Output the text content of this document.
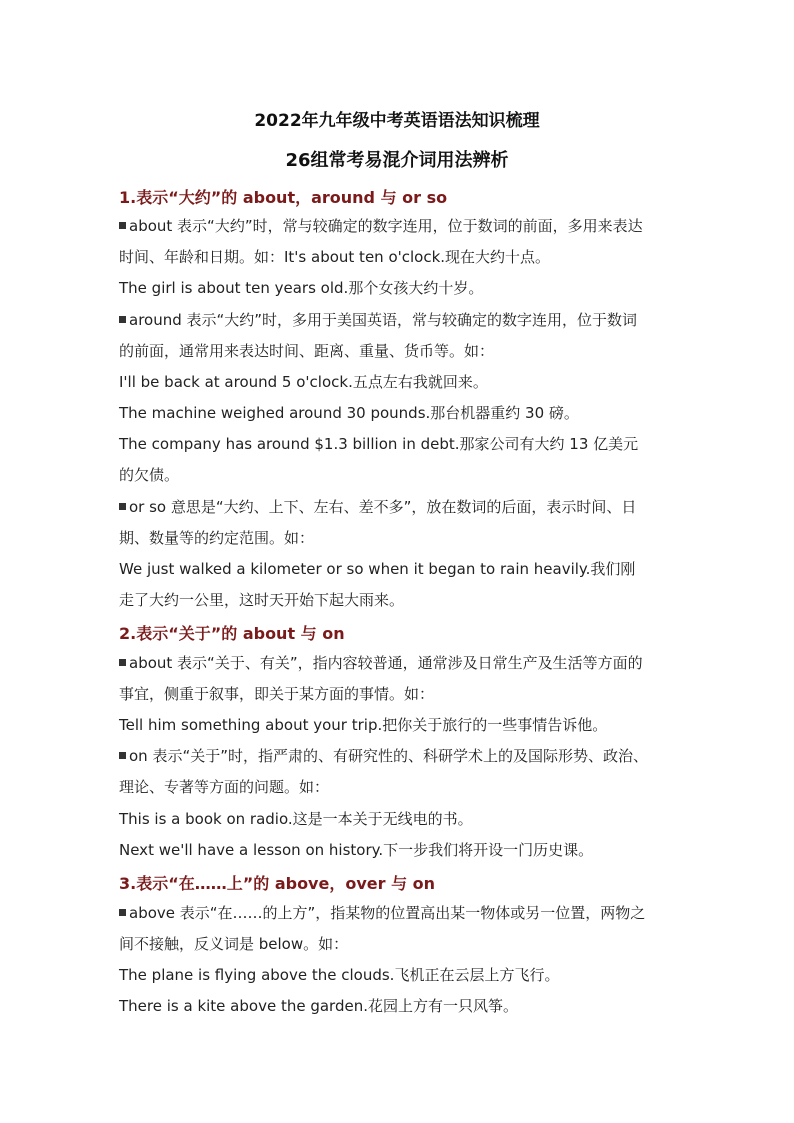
2022年九年级中考英语语法知识梳理
26组常考易混介词用法辨析
1.表示“大约”的 about，around 与 or so
about 表示“大约”时，常与较确定的数字连用，位于数词的前面，多用来表达
时间、年龄和日期。如：It's about ten o'clock.现在大约十点。
The girl is about ten years old.那个女孩大约十岁。
around 表示“大约”时，多用于美国英语，常与较确定的数字连用，位于数词
的前面，通常用来表达时间、距离、重量、货币等。如：
I'll be back at around 5 o'clock.五点左右我就回来。
The machine weighed around 30 pounds.那台机器重约 30 磅。
The company has around $1.3 billion in debt.那家公司有大约 13 亿美元
的欠债。
or so 意思是“大约、上下、左右、差不多”，放在数词的后面，表示时间、日
期、数量等的约定范围。如：
We just walked a kilometer or so when it began to rain heavily.我们刚
走了大约一公里，这时天开始下起大雨来。
2.表示“关于”的 about 与 on
about 表示“关于、有关”，指内容较普通，通常涉及日常生产及生活等方面的
事宜，侧重于叙事，即关于某方面的事情。如：
Tell him something about your trip.把你关于旅行的一些事情告诉他。
on 表示“关于”时，指严肃的、有研究性的、科研学术上的及国际形势、政治、
理论、专著等方面的问题。如：
This is a book on radio.这是一本关于无线电的书。
Next we'll have a lesson on history.下一步我们将开设一门历史课。
3.表示“在……上”的 above，over 与 on
above 表示“在……的上方”，指某物的位置高出某一物体或另一位置，两物之
间不接触，反义词是 below。如：
The plane is flying above the clouds.飞机正在云层上方飞行。
There is a kite above the garden.花园上方有一只风筝。
